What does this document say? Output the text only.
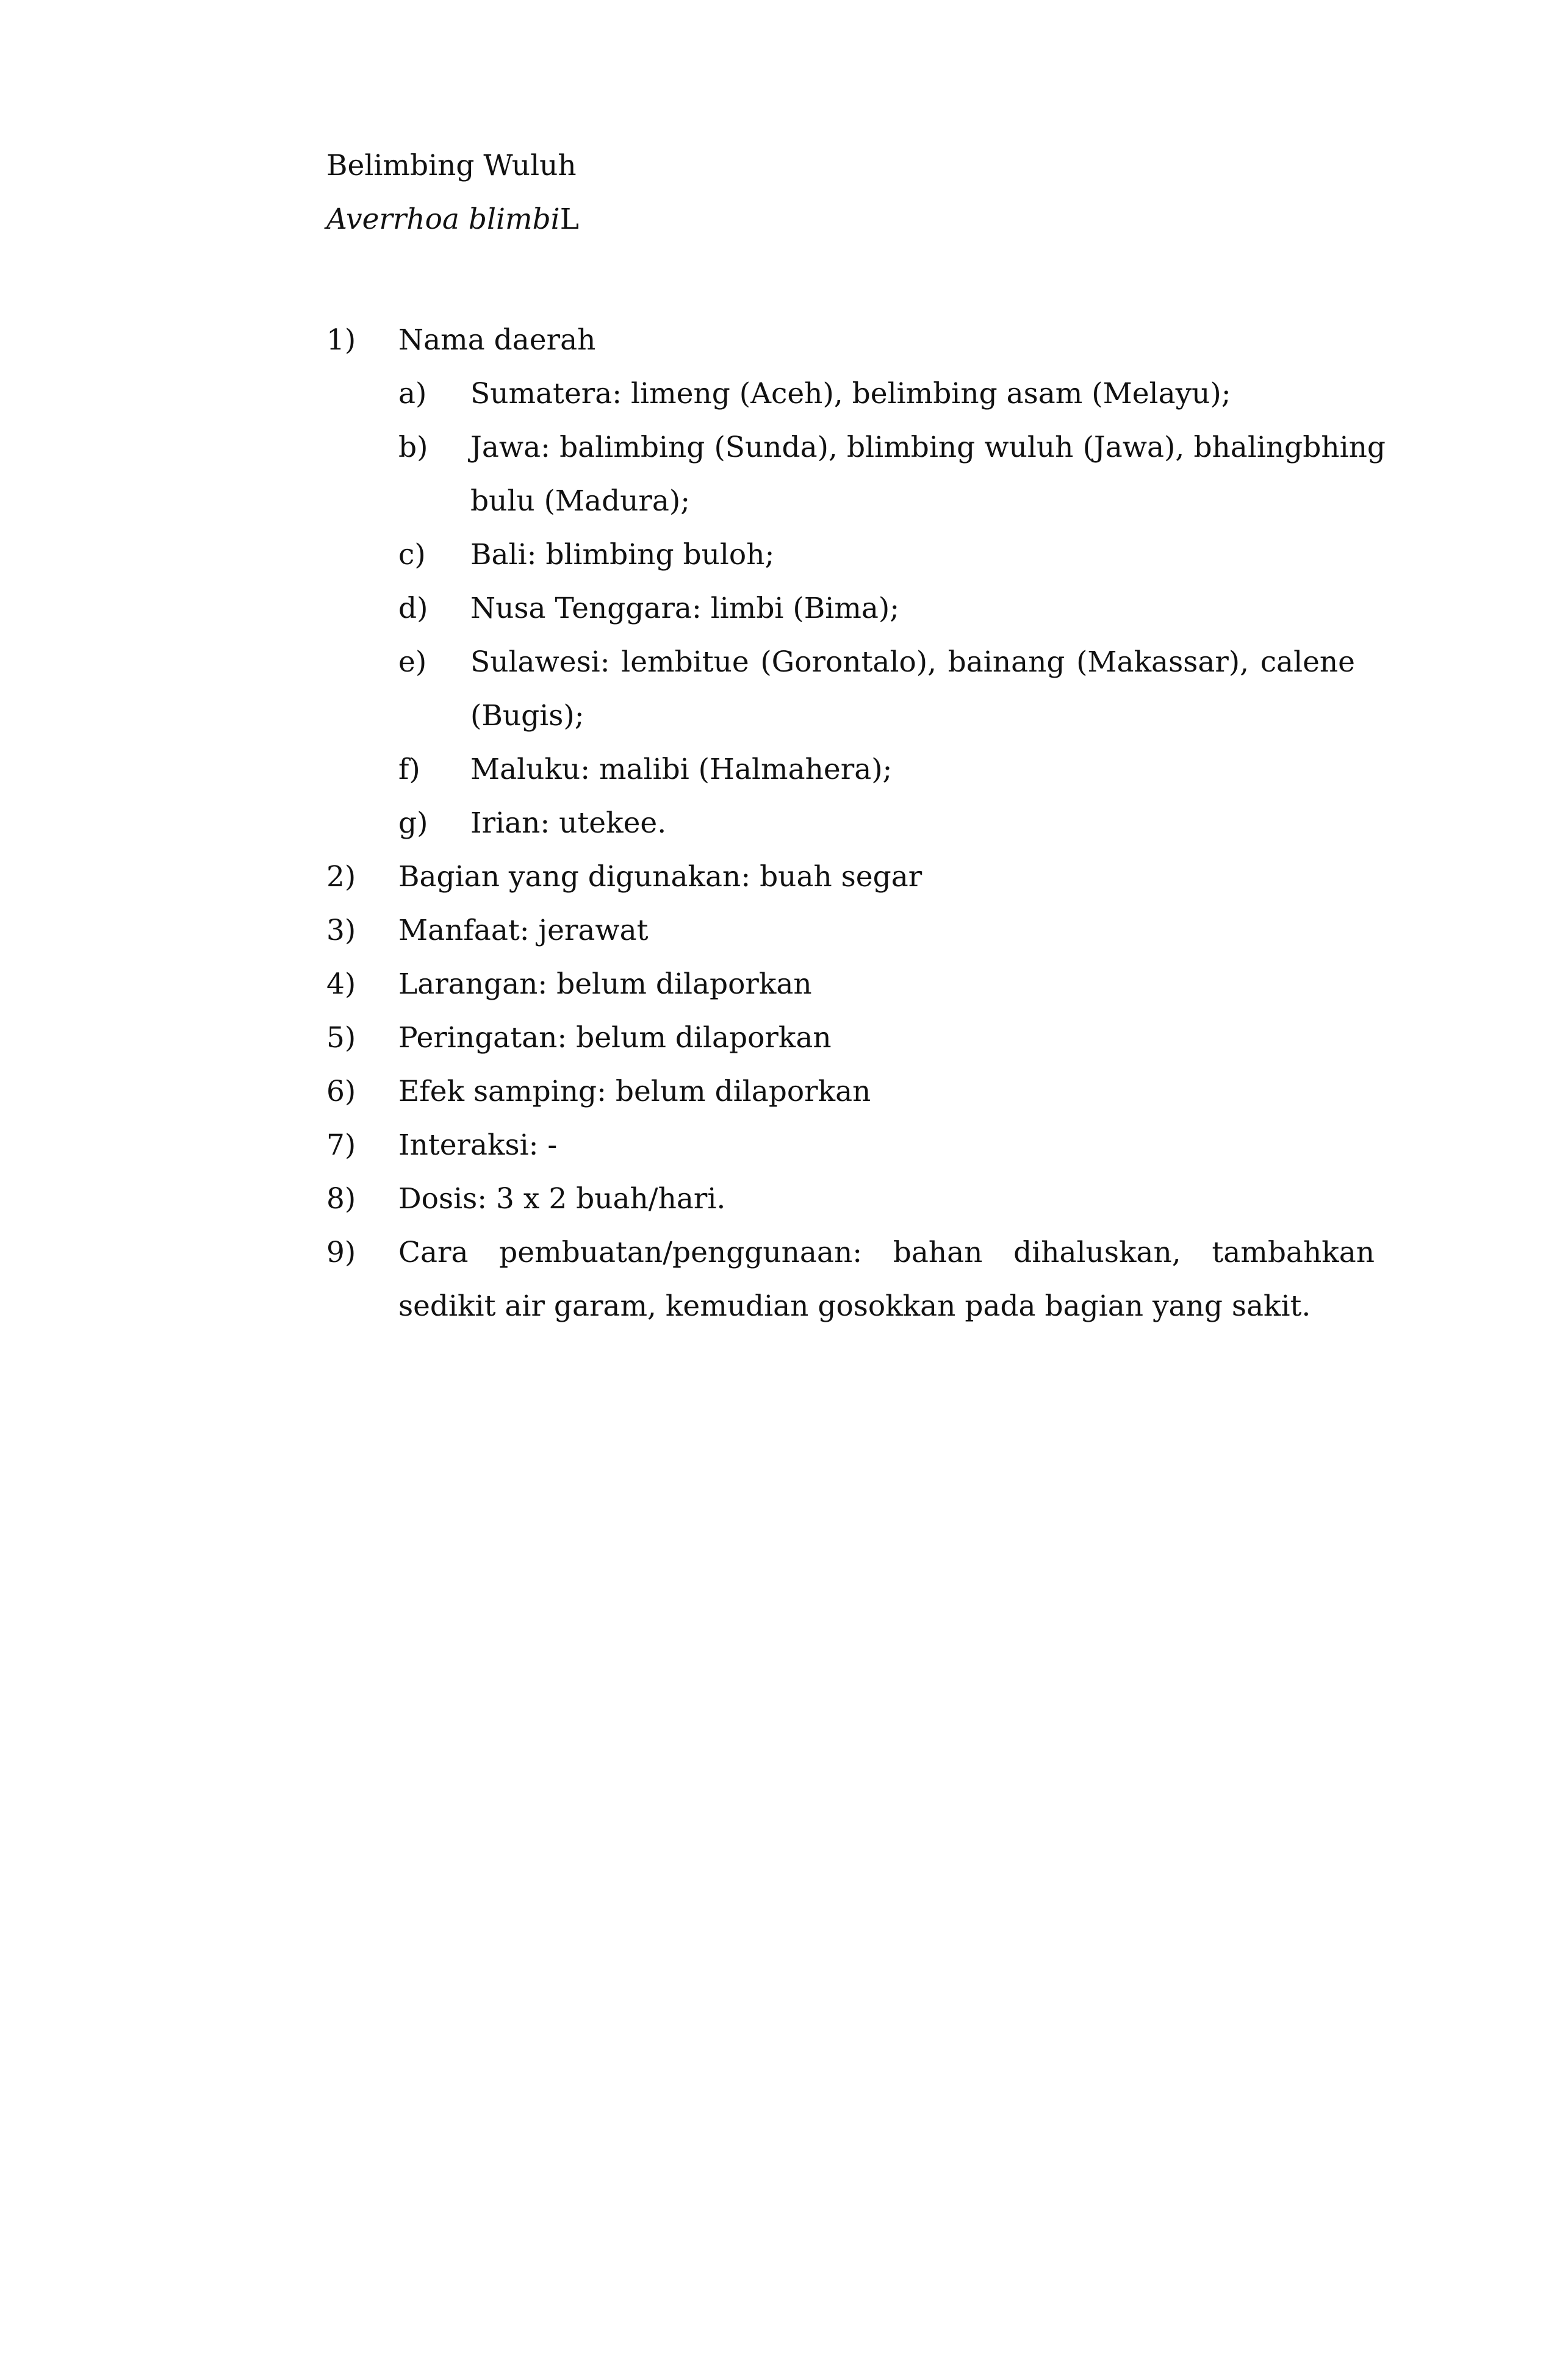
Belimbing Wuluh
Averrhoa blimbiL
1)	Nama daerah
a)	Sumatera: limeng (Aceh), belimbing asam (Melayu);
b)	Jawa: balimbing (Sunda), blimbing wuluh (Jawa), bhalingbhing bulu (Madura);
c)	Bali: blimbing buloh;
d)	Nusa Tenggara: limbi (Bima);
e)	Sulawesi: lembitue (Gorontalo), bainang (Makassar), calene (Bugis);
f)	Maluku: malibi (Halmahera);
g)	Irian: utekee.
2)	Bagian yang digunakan: buah segar
3)	Manfaat: jerawat
4)	Larangan: belum dilaporkan
5)	Peringatan: belum dilaporkan
6)	Efek samping: belum dilaporkan
7)	Interaksi: -
8)	Dosis: 3 x 2 buah/hari.
9)	Cara pembuatan/penggunaan: bahan dihaluskan, tambahkan sedikit air garam, kemudian gosokkan pada bagian yang sakit.
